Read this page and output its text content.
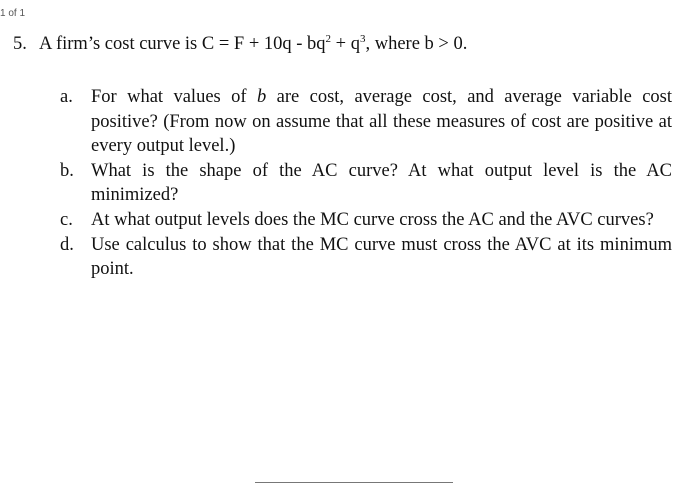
1 of 1
5. A firm’s cost curve is $C = F + 10q - bq^2 + q^3$, where b > 0.
a. For what values of b are cost, average cost, and average variable cost positive? (From now on assume that all these measures of cost are positive at every output level.)
b. What is the shape of the AC curve? At what output level is the AC minimized?
c. At what output levels does the MC curve cross the AC and the AVC curves?
d. Use calculus to show that the MC curve must cross the AVC at its minimum point.
